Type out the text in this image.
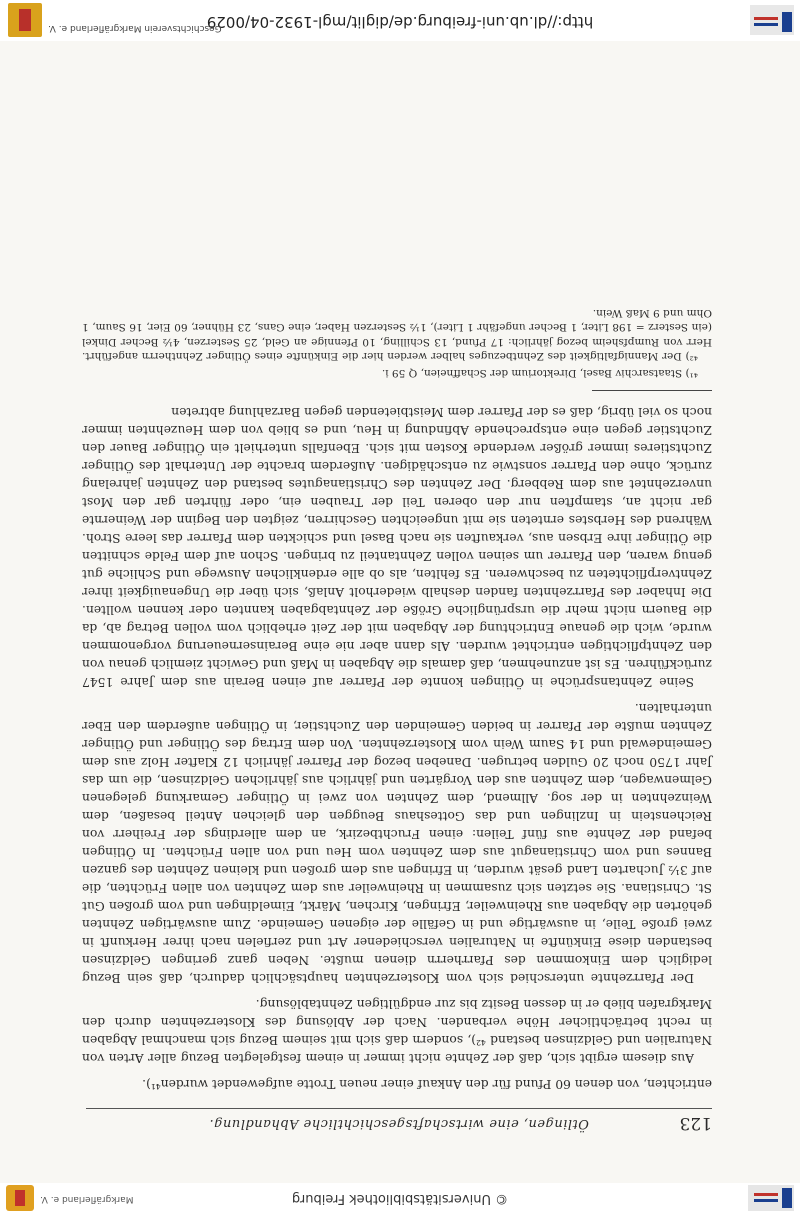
© Universitätsbibliothek Freiburg
Markgräflerland e. V.
123
Ötlingen, eine wirtschaftsgeschichtliche Abhandlung.

entrichten, von denen 60 Pfund für den Ankauf einer neuen Trotte aufgewendet wurden⁴¹).

Aus diesem ergibt sich, daß der Zehnte nicht immer in einem festgelegten Bezug aller Arten von Naturalien und Geldzinsen bestand ⁴²), sondern daß sich mit seinem Bezug sich manchmal Abgaben in recht beträchtlicher Höhe verbanden. Nach der Ablösung des Klosterzehnten durch den Markgrafen blieb er in dessen Besitz bis zur endgültigen Zehntablösung.

Der Pfarrzehnte unterschied sich vom Klosterzehnten hauptsächlich dadurch, daß sein Bezug lediglich dem Einkommen des Pfarrherrn dienen mußte. Neben ganz geringen Geldzinsen bestanden diese Einkünfte in Naturalien verschiedener Art und zerfielen nach ihrer Herkunft in zwei große Teile, in auswärtige und in Gefälle der eigenen Gemeinde. Zum auswärtigen Zehnten gehörten die Abgaben aus Rheinweiler, Efringen, Kirchen, Märkt, Eimeldingen und vom großen Gut St. Christiana. Sie setzten sich zusammen in Rheinweiler aus dem Zehnten von allen Früchten, die auf 3½ Jucharten Land gesät wurden, in Efringen aus dem großen und kleinen Zehnten des ganzen Bannes und vom Christianagut aus dem Zehnten vom Heu und von allen Früchten. In Ötlingen befand der Zehnte aus fünf Teilen: einen Fruchtbezirk, an dem allerdings der Freiherr von Reichenstein in Inzlingen und das Gotteshaus Beuggen den gleichen Anteil besaßen, dem Weinzehnten in der sog. Allmend, dem Zehnten von zwei in Ötlinger Gemarkung gelegenen Gelmenwagen, dem Zehnten aus den Vorgärten und jährlich aus jährlichen Geldzinsen, die um das Jahr 1750 noch 20 Gulden betrugen. Daneben bezog der Pfarrer jährlich 12 Klafter Holz aus dem Gemeindewald und 14 Saum Wein vom Klosterzehnten. Von dem Ertrag des Ötlinger und Ötlinger Zehnten mußte der Pfarrer in beiden Gemeinden den Zuchtstier, in Ötlingen außerdem den Eber unterhalten.

Seine Zehntansprüche in Ötlingen konnte der Pfarrer auf einen Berain aus dem Jahre 1547 zurückführen. Es ist anzunehmen, daß damals die Abgaben in Maß und Gewicht ziemlich genau von den Zehntpflichtigen entrichtet wurden. Als dann aber nie eine Berainserneuerung vorgenommen wurde, wich die genaue Entrichtung der Abgaben mit der Zeit erheblich vom vollen Betrag ab, da die Bauern nicht mehr die ursprüngliche Größe der Zehntabgaben kannten oder kennen wollten. Die Inhaber des Pfarrzehnten fanden deshalb wiederholt Anlaß, sich über die Ungenauigkeit ihrer Zehntverpflichteten zu beschweren. Es fehlten, als ob alle erdenklichen Auswege und Schliche gut genug waren, den Pfarrer um seinen vollen Zehntanteil zu bringen. Schon auf dem Felde schnitten die Ötlinger ihre Erbsen aus, verkauften sie nach Basel und schickten dem Pfarrer das leere Stroh. Während des Herbstes ernteten sie mit ungeeichten Geschirren, zeigten den Beginn der Weinernte gar nicht an, stampften nur den oberen Teil der Trauben ein, oder führten gar den Most unverzehntet aus dem Rebberg. Der Zehnten des Christianagutes bestand den Zehnten jahrelang zurück, ohne den Pfarrer sonstwie zu entschädigen. Außerdem brachte der Unterhalt des Ötlinger Zuchtstieres immer größer werdende Kosten mit sich. Ebenfalls unterhielt ein Ötlinger Bauer den Zuchtstier gegen eine entsprechende Abfindung in Heu, und es blieb von dem Heuzehnten immer noch so viel übrig, daß es der Pfarrer dem Meistbietenden gegen Barzahlung abtreten

⁴¹) Staatsarchiv Basel, Direktorium der Schaffneien, Q 59 i.

⁴²) Der Mannigfaltigkeit des Zehntbezuges halber werden hier die Einkünfte eines Ötlinger Zehntherrn angeführt. Herr von Rumpfsheim bezog jährlich: 17 Pfund, 13 Schilling, 10 Pfennige an Geld, 25 Sesterzen, 4½ Becher Dinkel (ein Sesterz = 198 Liter, 1 Becher ungefähr 1 Liter), 1½ Sesterzen Haber, eine Gans, 23 Hühner, 60 Eier, 16 Saum, 1 Ohm und 9 Maß Wein.

http://dl.ub.uni-freiburg.de/diglit/mgl-1932-04/0029
Geschichtsverein Markgräflerland e. V.
